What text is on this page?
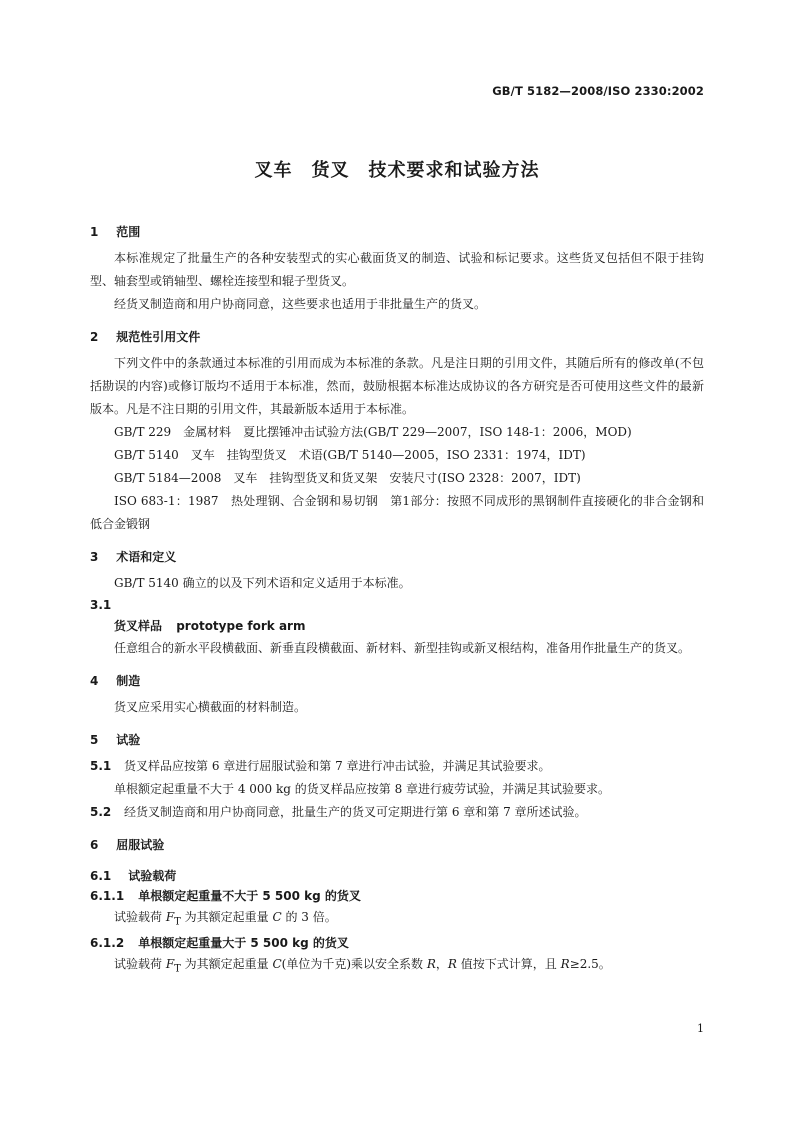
GB/T 5182—2008/ISO 2330:2002
叉车　货叉　技术要求和试验方法
1 范围

本标准规定了批量生产的各种安装型式的实心截面货叉的制造、试验和标记要求。这些货叉包括但不限于挂钩型、轴套型或销轴型、螺栓连接型和辊子型货叉。

经货叉制造商和用户协商同意，这些要求也适用于非批量生产的货叉。

2 规范性引用文件

下列文件中的条款通过本标准的引用而成为本标准的条款。凡是注日期的引用文件，其随后所有的修改单(不包括勘误的内容)或修订版均不适用于本标准，然而，鼓励根据本标准达成协议的各方研究是否可使用这些文件的最新版本。凡是不注日期的引用文件，其最新版本适用于本标准。

GB/T 229　金属材料　夏比摆锤冲击试验方法(GB/T 229—2007，ISO 148-1：2006，MOD)

GB/T 5140　叉车　挂钩型货叉　术语(GB/T 5140—2005，ISO 2331：1974，IDT)

GB/T 5184—2008　叉车　挂钩型货叉和货叉架　安装尺寸(ISO 2328：2007，IDT)

ISO 683-1：1987　热处理钢、合金钢和易切钢　第1部分：按照不同成形的黑钢制件直接硬化的非合金钢和低合金锻钢

3 术语和定义

GB/T 5140 确立的以及下列术语和定义适用于本标准。

3.1
货叉样品 prototype fork arm

任意组合的新水平段横截面、新垂直段横截面、新材料、新型挂钩或新叉根结构，准备用作批量生产的货叉。

4 制造

货叉应采用实心横截面的材料制造。

5 试验

5.1 货叉样品应按第 6 章进行屈服试验和第 7 章进行冲击试验，并满足其试验要求。

单根额定起重量不大于 4 000 kg 的货叉样品应按第 8 章进行疲劳试验，并满足其试验要求。

5.2 经货叉制造商和用户协商同意，批量生产的货叉可定期进行第 6 章和第 7 章所述试验。

6 屈服试验
6.1 试验载荷
6.1.1 单根额定起重量不大于 5 500 kg 的货叉

试验载荷 $F_T$ 为其额定起重量 C 的 3 倍。

6.1.2 单根额定起重量大于 5 500 kg 的货叉

试验载荷 $F_T$ 为其额定起重量 C(单位为千克)乘以安全系数 R，R 值按下式计算，且 R≥2.5。

1
